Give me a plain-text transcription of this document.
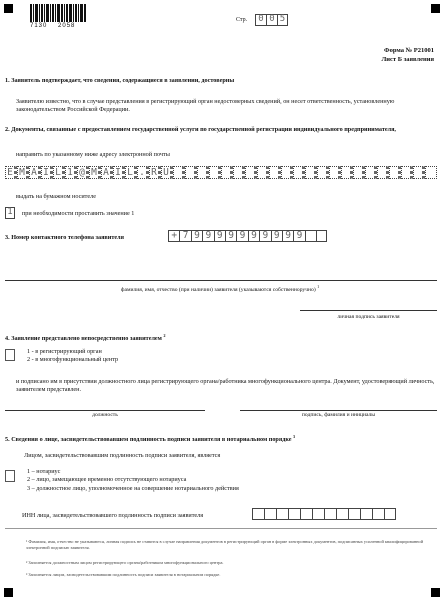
7130    2058
Стр.	0 0 5
Форма № Р21001
Лист Б заявления
1. Заявитель подтверждает, что сведения, содержащиеся в заявлении, достоверны
Заявителю известно, что в случае представления в регистрирующий орган недостоверных сведений, он несет ответственность, установленную законодательством Российской Федерации.
2. Документы, связанные с предоставлением государственной услуги по государственной регистрации индивидуального предпринимателя,
направить по указанному ниже адресу электронной почты
E M A I L 1 @ M A I L . R U
выдать на бумажном носителе
1	при необходимости проставить значение 1
3. Номер контактного телефона заявителя	+ 7 9 9 9 9 9 9 9 9 9 9
фамилия, имя, отчество (при наличии) заявителя (указываются собственноручно) $^1$
личная подпись заявителя
4. Заявление представлено непосредственно заявителем $^2$
1 - в регистрирующий орган
2 - в многофункциональный центр
и подписано им в присутствии должностного лица регистрирующего органа/работника многофункционального центра. Документ, удостоверяющий личность, заявителем представлен.
должность	подпись, фамилия и инициалы
5. Сведения о лице, засвидетельствовавшем подлинность подписи заявителя в нотариальном порядке $^3$
Лицом, засвидетельствовавшим подлинность подписи заявителя, является
1 – нотариус
2 – лицо, замещающее временно отсутствующего нотариуса
3 – должностное лицо, уполномоченное на совершение нотариального действия
ИНН лица, засвидетельствовавшего подлинность подписи заявителя
¹ Фамилия, имя, отчество не указываются, личная подпись не ставится в случае направления документов в регистрирующий орган в форме электронных документов, подписанных усиленной квалифицированной электронной подписью заявителя.
² Заполняется должностным лицом регистрирующего органа/работником многофункционального центра.
³ Заполняется лицом, засвидетельствовавшим подлинность подписи заявителя в нотариальном порядке.
